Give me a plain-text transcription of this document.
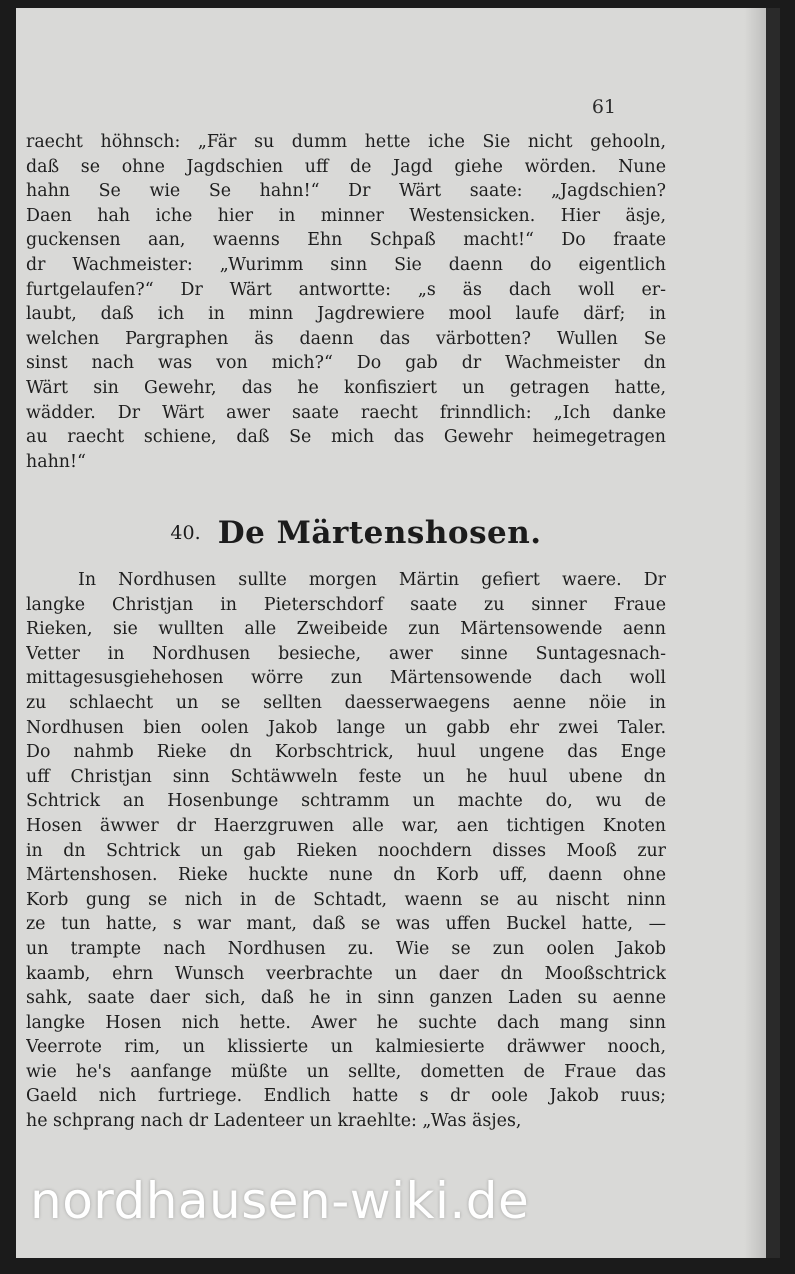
61
raecht höhnsch: „Fär su dumm hette iche Sie nicht gehooln,
daß se ohne Jagdschien uff de Jagd giehe wörden. Nune
hahn Se wie Se hahn!“ Dr Wärt saate: „Jagdschien?
Daen hah iche hier in minner Westensicken. Hier äsje,
guckensen aan, waenns Ehn Schpaß macht!“ Do fraate
dr Wachmeister: „Wurimm sinn Sie daenn do eigentlich
furtgelaufen?“ Dr Wärt antwortte: „s äs dach woll er-
laubt, daß ich in minn Jagdrewiere mool laufe därf; in
welchen Pargraphen äs daenn das värbotten? Wullen Se
sinst nach was von mich?“ Do gab dr Wachmeister dn
Wärt sin Gewehr, das he konfisziert un getragen hatte,
wädder. Dr Wärt awer saate raecht frinndlich: „Ich danke
au raecht schiene, daß Se mich das Gewehr heimegetragen
hahn!“
40. De Märtenshosen.
In Nordhusen sullte morgen Märtin gefiert waere. Dr
langke Christjan in Pieterschdorf saate zu sinner Fraue
Rieken, sie wullten alle Zweibeide zun Märtensowende aenn
Vetter in Nordhusen besieche, awer sinne Suntagesnach-
mittagesusgiehehosen wörre zun Märtensowende dach woll
zu schlaecht un se sellten daesserwaegens aenne nöie in
Nordhusen bien oolen Jakob lange un gabb ehr zwei Taler.
Do nahmb Rieke dn Korbschtrick, huul ungene das Enge
uff Christjan sinn Schtäwweln feste un he huul ubene dn
Schtrick an Hosenbunge schtramm un machte do, wu de
Hosen äwwer dr Haerzgruwen alle war, aen tichtigen Knoten
in dn Schtrick un gab Rieken noochdern disses Mooß zur
Märtenshosen. Rieke huckte nune dn Korb uff, daenn ohne
Korb gung se nich in de Schtadt, waenn se au nischt ninn
ze tun hatte, s war mant, daß se was uffen Buckel hatte, —
un trampte nach Nordhusen zu. Wie se zun oolen Jakob
kaamb, ehrn Wunsch veerbrachte un daer dn Mooßschtrick
sahk, saate daer sich, daß he in sinn ganzen Laden su aenne
langke Hosen nich hette. Awer he suchte dach mang sinn
Veerrote rim, un klissierte un kalmiesierte dräwwer nooch,
wie he's aanfange müßte un sellte, dometten de Fraue das
Gaeld nich furtriege. Endlich hatte s dr oole Jakob ruus;
he schprang nach dr Ladenteer un kraehlte: „Was äsjes,
nordhausen-wiki.de
